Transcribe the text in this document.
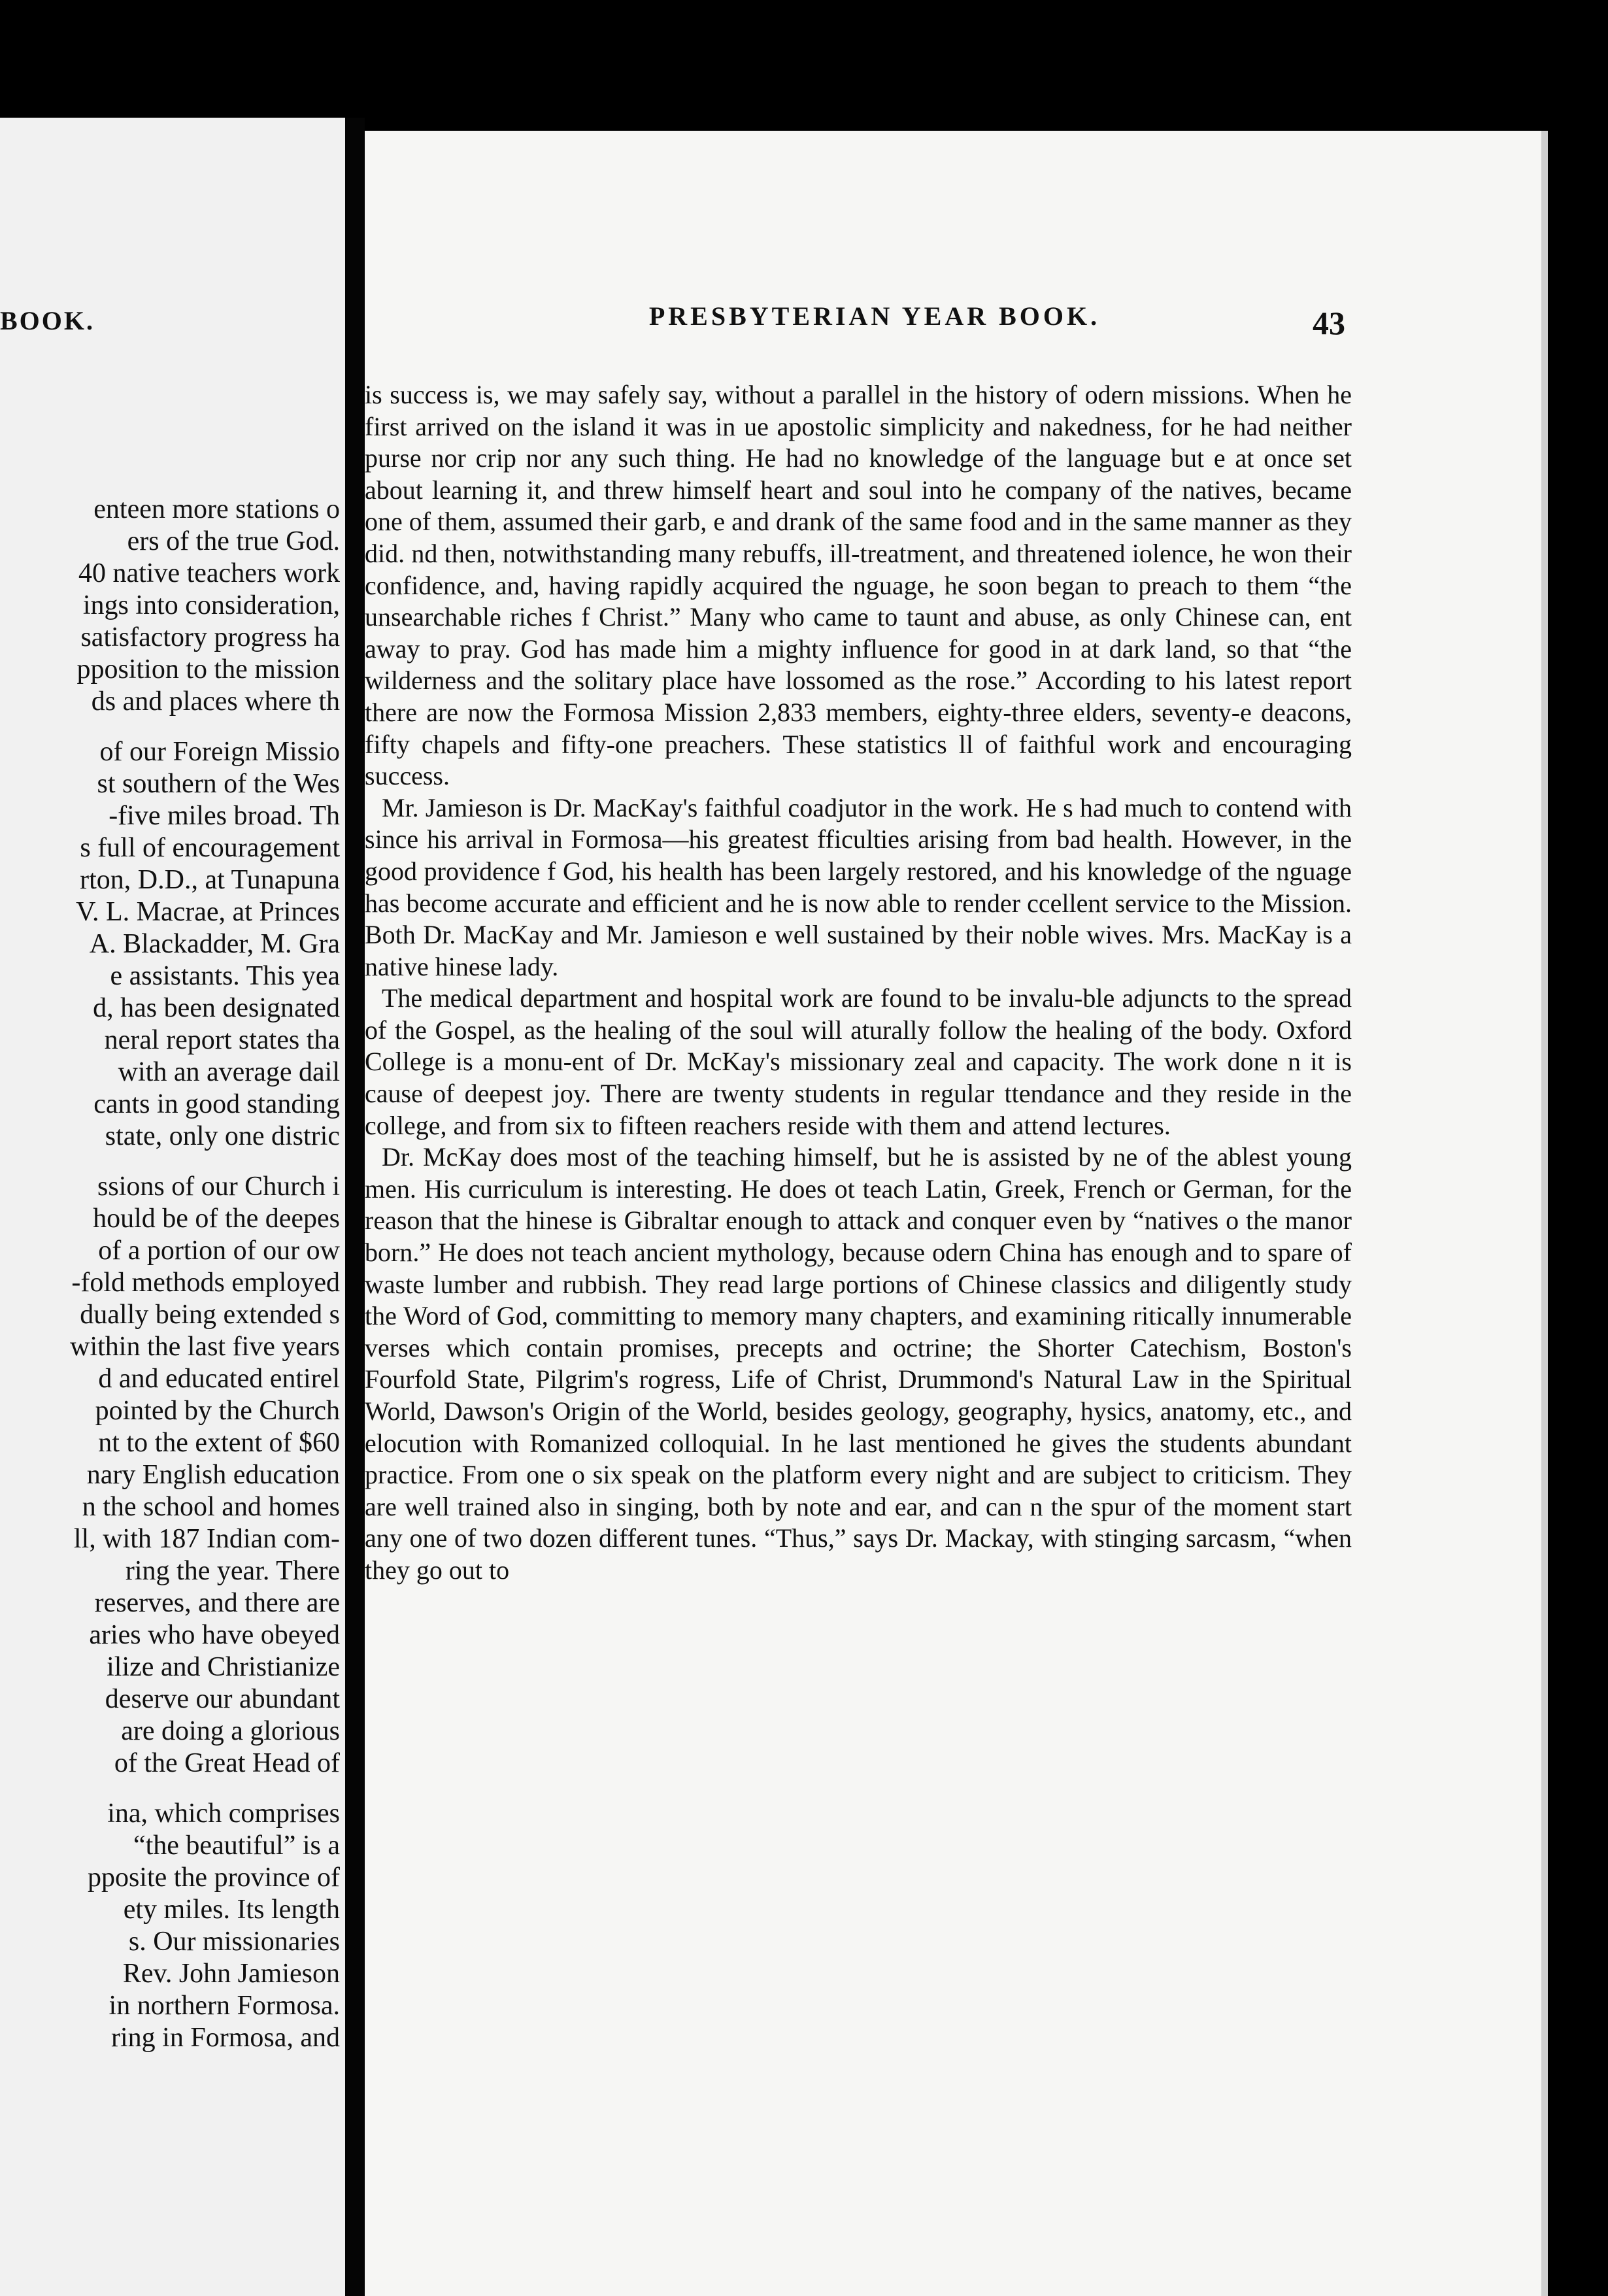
BOOK.
enteen more stations o
ers of the true God.
40 native teachers work
ings into consideration,
satisfactory progress ha
pposition to the mission
ds and places where th
of our Foreign Missio
st southern of the Wes
-five miles broad. Th
s full of encouragement
rton, D.D., at Tunapuna
V. L. Macrae, at Princes
A. Blackadder, M. Gra
e assistants. This yea
d, has been designated
neral report states tha
with an average dail
cants in good standing
state, only one distric
ssions of our Church i
hould be of the deepes
of a portion of our ow
-fold methods employed
dually being extended s
within the last five years
d and educated entirel
pointed by the Church
nt to the extent of $60
nary English education
n the school and homes
ll, with 187 Indian com-
ring the year. There
reserves, and there are
aries who have obeyed
ilize and Christianize
deserve our abundant
are doing a glorious
of the Great Head of
ina, which comprises
“the beautiful” is a
pposite the province of
ety miles. Its length
s. Our missionaries
Rev. John Jamieson
in northern Formosa.
ring in Formosa, and
PRESBYTERIAN YEAR BOOK.	43

is success is, we may safely say, without a parallel in the history of odern missions. When he first arrived on the island it was in ue apostolic simplicity and nakedness, for he had neither purse nor crip nor any such thing. He had no knowledge of the language but e at once set about learning it, and threw himself heart and soul into he company of the natives, became one of them, assumed their garb, e and drank of the same food and in the same manner as they did. nd then, notwithstanding many rebuffs, ill-treatment, and threatened iolence, he won their confidence, and, having rapidly acquired the nguage, he soon began to preach to them “the unsearchable riches f Christ.” Many who came to taunt and abuse, as only Chinese can, ent away to pray. God has made him a mighty influence for good in at dark land, so that “the wilderness and the solitary place have lossomed as the rose.” According to his latest report there are now the Formosa Mission 2,833 members, eighty-three elders, seventy-e deacons, fifty chapels and fifty-one preachers. These statistics ll of faithful work and encouraging success.

Mr. Jamieson is Dr. MacKay's faithful coadjutor in the work. He s had much to contend with since his arrival in Formosa—his greatest fficulties arising from bad health. However, in the good providence f God, his health has been largely restored, and his knowledge of the nguage has become accurate and efficient and he is now able to render ccellent service to the Mission. Both Dr. MacKay and Mr. Jamieson e well sustained by their noble wives. Mrs. MacKay is a native hinese lady.

The medical department and hospital work are found to be invalu-ble adjuncts to the spread of the Gospel, as the healing of the soul will aturally follow the healing of the body. Oxford College is a monu-ent of Dr. McKay's missionary zeal and capacity. The work done n it is cause of deepest joy. There are twenty students in regular ttendance and they reside in the college, and from six to fifteen reachers reside with them and attend lectures.

Dr. McKay does most of the teaching himself, but he is assisted by ne of the ablest young men. His curriculum is interesting. He does ot teach Latin, Greek, French or German, for the reason that the hinese is Gibraltar enough to attack and conquer even by “natives o the manor born.” He does not teach ancient mythology, because odern China has enough and to spare of waste lumber and rubbish. They read large portions of Chinese classics and diligently study the Word of God, committing to memory many chapters, and examining ritically innumerable verses which contain promises, precepts and octrine; the Shorter Catechism, Boston's Fourfold State, Pilgrim's rogress, Life of Christ, Drummond's Natural Law in the Spiritual World, Dawson's Origin of the World, besides geology, geography, hysics, anatomy, etc., and elocution with Romanized colloquial. In he last mentioned he gives the students abundant practice. From one o six speak on the platform every night and are subject to criticism. They are well trained also in singing, both by note and ear, and can n the spur of the moment start any one of two dozen different tunes. “Thus,” says Dr. Mackay, with stinging sarcasm, “when they go out to
